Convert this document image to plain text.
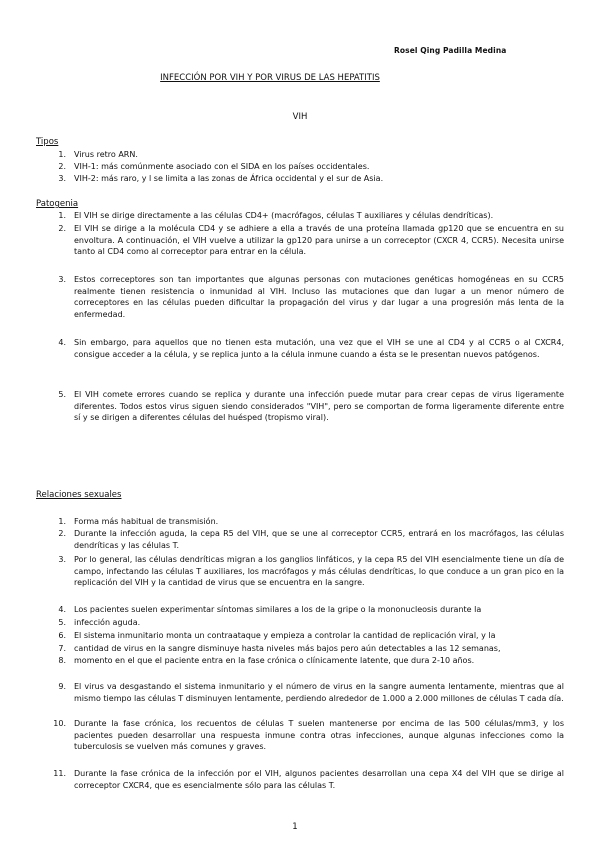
Rosel Qing Padilla Medina
INFECCIÓN POR VIH Y POR VIRUS DE LAS HEPATITIS
VIH
Tipos
1. Virus retro ARN.
2. VIH-1: más comúnmente asociado con el SIDA en los países occidentales.
3. VIH-2: más raro, y l se limita a las zonas de África occidental y el sur de Asia.
Patogenia
1. El VIH se dirige directamente a las células CD4+ (macrófagos, células T auxiliares y células dendríticas).
2. El VIH se dirige a la molécula CD4 y se adhiere a ella a través de una proteína llamada gp120 que se encuentra en su envoltura. A continuación, el VIH vuelve a utilizar la gp120 para unirse a un correceptor (CXCR 4, CCR5). Necesita unirse tanto al CD4 como al correceptor para entrar en la célula.
3. Estos correceptores son tan importantes que algunas personas con mutaciones genéticas homogéneas en su CCR5 realmente tienen resistencia o inmunidad al VIH. Incluso las mutaciones que dan lugar a un menor número de correceptores en las células pueden dificultar la propagación del virus y dar lugar a una progresión más lenta de la enfermedad.
4. Sin embargo, para aquellos que no tienen esta mutación, una vez que el VIH se une al CD4 y al CCR5 o al CXCR4, consigue acceder a la célula, y se replica junto a la célula inmune cuando a ésta se le presentan nuevos patógenos.
5. El VIH comete errores cuando se replica y durante una infección puede mutar para crear cepas de virus ligeramente diferentes. Todos estos virus siguen siendo considerados "VIH", pero se comportan de forma ligeramente diferente entre sí y se dirigen a diferentes células del huésped (tropismo viral).
Relaciones sexuales
1. Forma más habitual de transmisión.
2. Durante la infección aguda, la cepa R5 del VIH, que se une al correceptor CCR5, entrará en los macrófagos, las células dendríticas y las células T.
3. Por lo general, las células dendríticas migran a los ganglios linfáticos, y la cepa R5 del VIH esencialmente tiene un día de campo, infectando las células T auxiliares, los macrófagos y más células dendríticas, lo que conduce a un gran pico en la replicación del VIH y la cantidad de virus que se encuentra en la sangre.
4. Los pacientes suelen experimentar síntomas similares a los de la gripe o la mononucleosis durante la
5. infección aguda.
6. El sistema inmunitario monta un contraataque y empieza a controlar la cantidad de replicación viral, y la
7. cantidad de virus en la sangre disminuye hasta niveles más bajos pero aún detectables a las 12 semanas,
8. momento en el que el paciente entra en la fase crónica o clínicamente latente, que dura 2-10 años.
9. El virus va desgastando el sistema inmunitario y el número de virus en la sangre aumenta lentamente, mientras que al mismo tiempo las células T disminuyen lentamente, perdiendo alrededor de 1.000 a 2.000 millones de células T cada día.
10. Durante la fase crónica, los recuentos de células T suelen mantenerse por encima de las 500 células/mm3, y los pacientes pueden desarrollar una respuesta inmune contra otras infecciones, aunque algunas infecciones como la tuberculosis se vuelven más comunes y graves.
11. Durante la fase crónica de la infección por el VIH, algunos pacientes desarrollan una cepa X4 del VIH que se dirige al correceptor CXCR4, que es esencialmente sólo para las células T.
1
